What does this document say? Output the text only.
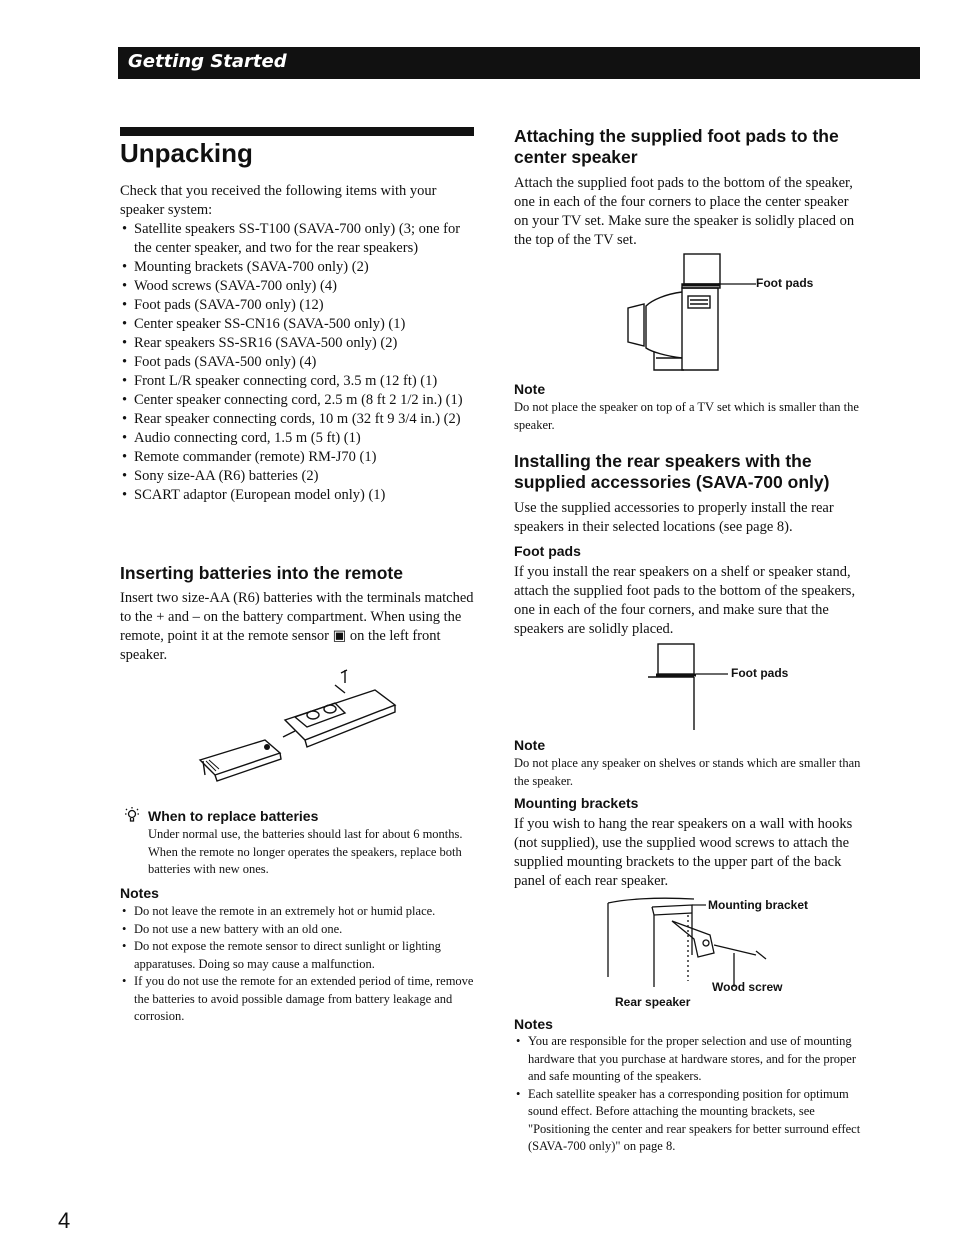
Getting Started
Unpacking
Check that you received the following items with your speaker system:
• Satellite speakers SS-T100 (SAVA-700 only) (3; one for the center speaker, and two for the rear speakers)
• Mounting brackets (SAVA-700 only) (2)
• Wood screws (SAVA-700 only) (4)
• Foot pads (SAVA-700 only) (12)
• Center speaker SS-CN16 (SAVA-500 only) (1)
• Rear speakers SS-SR16 (SAVA-500 only) (2)
• Foot pads (SAVA-500 only) (4)
• Front L/R speaker connecting cord, 3.5 m (12 ft) (1)
• Center speaker connecting cord, 2.5 m (8 ft 2 1/2 in.) (1)
• Rear speaker connecting cords, 10 m (32 ft 9 3/4 in.) (2)
• Audio connecting cord, 1.5 m (5 ft) (1)
• Remote commander (remote) RM-J70 (1)
• Sony size-AA (R6) batteries (2)
• SCART adaptor (European model only) (1)
Inserting batteries into the remote
Insert two size-AA (R6) batteries with the terminals matched to the + and – on the battery compartment. When using the remote, point it at the remote sensor ▣ on the left front speaker.
When to replace batteries
Under normal use, the batteries should last for about 6 months. When the remote no longer operates the speakers, replace both batteries with new ones.
Notes
• Do not leave the remote in an extremely hot or humid place.
• Do not use a new battery with an old one.
• Do not expose the remote sensor to direct sunlight or lighting apparatuses. Doing so may cause a malfunction.
• If you do not use the remote for an extended period of time, remove the batteries to avoid possible damage from battery leakage and corrosion.
Attaching the supplied foot pads to the center speaker
Attach the supplied foot pads to the bottom of the speaker, one in each of the four corners to place the center speaker on your TV set. Make sure the speaker is solidly placed on the top of the TV set.
Foot pads
Note
Do not place the speaker on top of a TV set which is smaller than the speaker.
Installing the rear speakers with the supplied accessories (SAVA-700 only)
Use the supplied accessories to properly install the rear speakers in their selected locations (see page 8).
Foot pads
If you install the rear speakers on a shelf or speaker stand, attach the supplied foot pads to the bottom of the speakers, one in each of the four corners, and make sure that the speakers are solidly placed.
Foot pads
Note
Do not place any speaker on shelves or stands which are smaller than the speaker.
Mounting brackets
If you wish to hang the rear speakers on a wall with hooks (not supplied), use the supplied wood screws to attach the supplied mounting brackets to the upper part of the back panel of each rear speaker.
Mounting bracket
Wood screw
Rear speaker
Notes
• You are responsible for the proper selection and use of mounting hardware that you purchase at hardware stores, and for the proper and safe mounting of the speakers.
• Each satellite speaker has a corresponding position for optimum sound effect. Before attaching the mounting brackets, see "Positioning the center and rear speakers for better surround effect (SAVA-700 only)" on page 8.
4
